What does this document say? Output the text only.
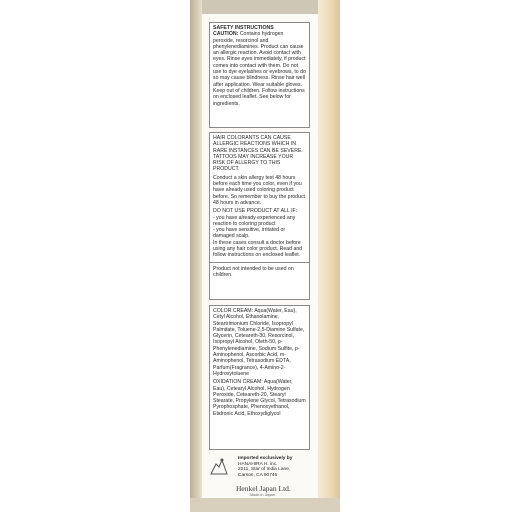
SAFETY INSTRUCTIONS
CAUTION: Contains hydrogen peroxide, resorcinol and phenylenediamines. Product can cause an allergic reaction. Avoid contact with eyes. Rinse eyes immediately, if product comes into contact with them. Do not use to dye eyelashes or eyebrows, to do so may cause blindness. Rinse hair well after application. Wear suitable gloves. Keep out of children. Follow instructions on enclosed leaflet. See below for ingredients.
HAIR COLORANTS CAN CAUSE ALLERGIC REACTIONS WHICH IN RARE INSTANCES CAN BE SEVERE. TATTOOS MAY INCREASE YOUR RISK OF ALLERGY TO THIS PRODUCT.
Conduct a skin allergy test 48 hours before each time you color, even if you have already used coloring product before. So remember to buy the product 48 hours in advance.
DO NOT USE PRODUCT AT ALL IF:
- you have already experienced any reaction to coloring product
- you have sensitive, irritated or damaged scalp.
In these cases consult a doctor before using any hair color product. Read and follow instructions on enclosed leaflet.
Product not intended to be used on children.
COLOR CREAM: Aqua(Water, Eau), Cetyl Alcohol, Ethanolamine, Steartrimonium Chloride, Isopropyl Palmitate, Toluene-2,5-Diamine Sulfate, Glycerin, Ceteareth-30, Resorcinol, Isopropyl Alcohol, Oleth-50, p-Phenylenediamine, Sodium Sulfite, p-Aminophenol, Ascorbic Acid, m-Aminophenol, Tetrasodium EDTA, Parfum(Fragrance), 4-Amino-2-Hydroxytoluene
OXIDATION CREAM: Aqua(Water, Eau), Cetearyl Alcohol, Hydrogen Peroxide, Ceteareth-20, Stearyl Stearate, Propylene Glycol, Tetrasodium Pyrophosphate, Phenoxyethanol, Etidronic Acid, Ethoxydiglycol
Imported exclusively by
HANAHIRA H. inc.
2211, Star of India Lane,
Carson, CA 90746
Henkel Japan Ltd.
Made in Japan
